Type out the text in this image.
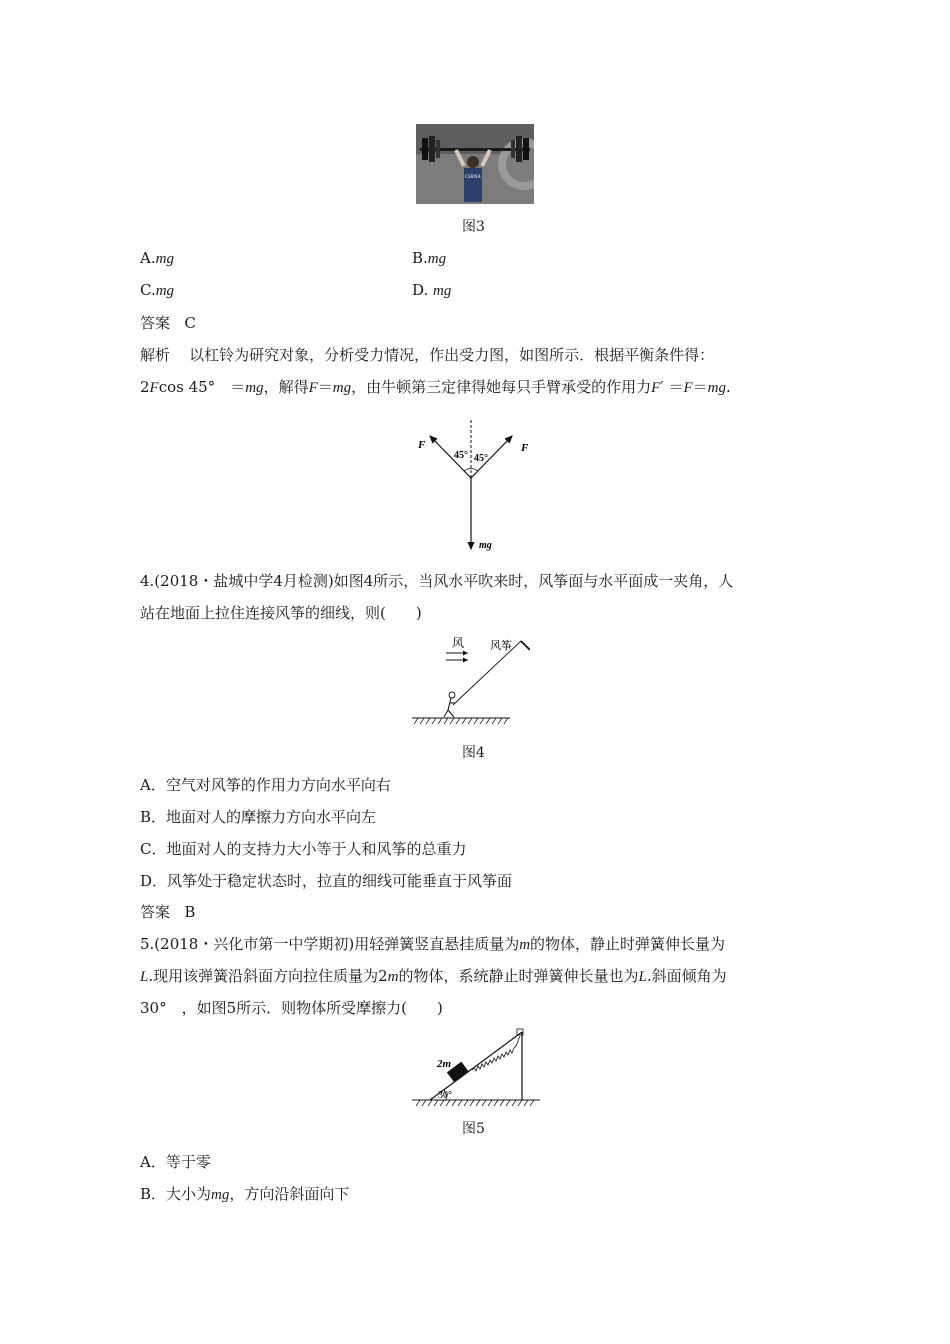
CHINA
图3
A.mg	B.mg
C.mg	D. mg
答案 C
解析 以杠铃为研究对象，分析受力情况，作出受力图，如图所示．根据平衡条件得：
2Fcos 45°　＝mg，解得F＝mg，由牛顿第三定律得她每只手臂承受的作用力F′ ＝F＝mg.
F	F
45° 45°
mg
4.(2018・盐城中学4月检测)如图4所示，当风水平吹来时，风筝面与水平面成一夹角，人
站在地面上拉住连接风筝的细线，则(　　)
风 风筝
图4
A．空气对风筝的作用力方向水平向右
B．地面对人的摩擦力方向水平向左
C．地面对人的支持力大小等于人和风筝的总重力
D．风筝处于稳定状态时，拉直的细线可能垂直于风筝面
答案 B
5.(2018・兴化市第一中学期初)用轻弹簧竖直悬挂质量为m的物体，静止时弹簧伸长量为
L.现用该弹簧沿斜面方向拉住质量为2m的物体，系统静止时弹簧伸长量也为L.斜面倾角为
30°　，如图5所示．则物体所受摩擦力(　　)
2m
30°
图5
A．等于零
B．大小为mg，方向沿斜面向下
